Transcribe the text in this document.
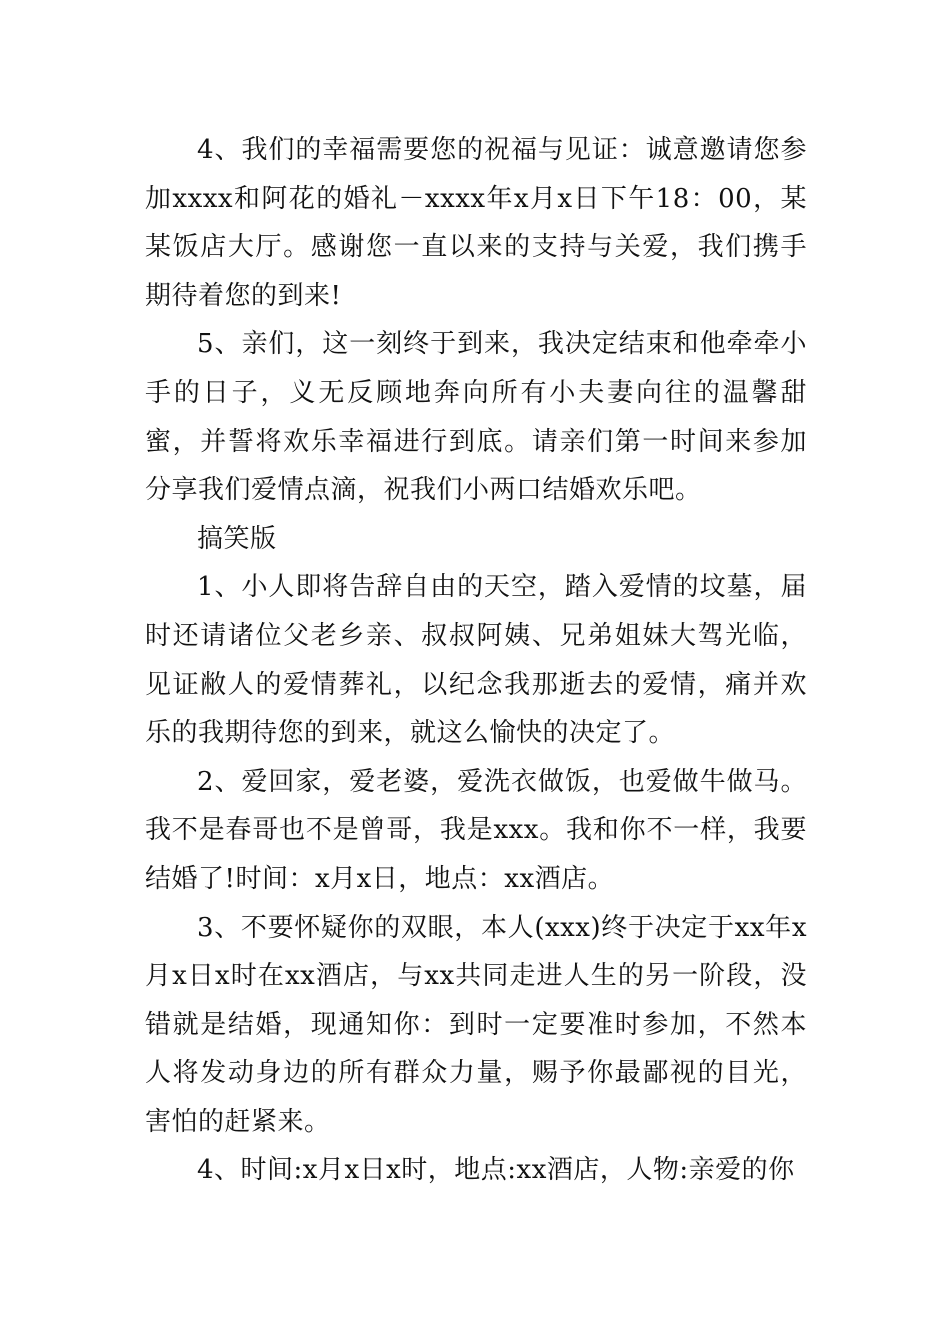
4、我们的幸福需要您的祝福与见证：诚意邀请您参加xxxx和阿花的婚礼－xxxx年x月x日下午18：00，某某饭店大厅。感谢您一直以来的支持与关爱，我们携手期待着您的到来!

5、亲们，这一刻终于到来，我决定结束和他牵牵小手的日子，义无反顾地奔向所有小夫妻向往的温馨甜蜜，并誓将欢乐幸福进行到底。请亲们第一时间来参加分享我们爱情点滴，祝我们小两口结婚欢乐吧。

搞笑版

1、小人即将告辞自由的天空，踏入爱情的坟墓，届时还请诸位父老乡亲、叔叔阿姨、兄弟姐妹大驾光临，见证敝人的爱情葬礼，以纪念我那逝去的爱情，痛并欢乐的我期待您的到来，就这么愉快的决定了。

2、爱回家，爱老婆，爱洗衣做饭，也爱做牛做马。我不是春哥也不是曾哥，我是xxx。我和你不一样，我要结婚了!时间：x月x日，地点：xx酒店。

3、不要怀疑你的双眼，本人(xxx)终于决定于xx年x月x日x时在xx酒店，与xx共同走进人生的另一阶段，没错就是结婚，现通知你：到时一定要准时参加，不然本人将发动身边的所有群众力量，赐予你最鄙视的目光，害怕的赶紧来。

4、时间:x月x日x时，地点:xx酒店，人物:亲爱的你
